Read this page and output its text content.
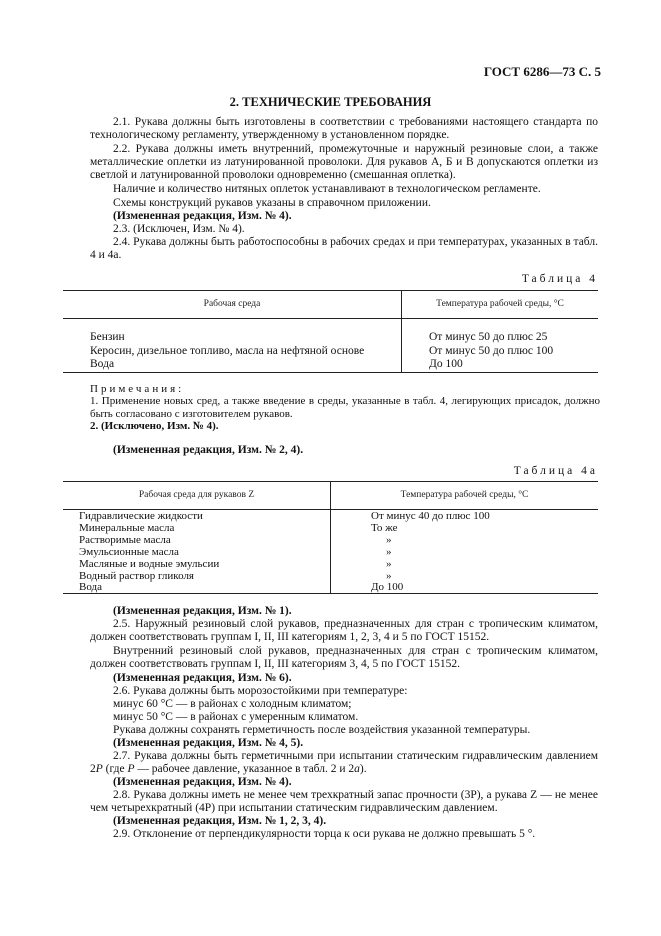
ГОСТ 6286—73 С. 5
2. ТЕХНИЧЕСКИЕ ТРЕБОВАНИЯ
2.1. Рукава должны быть изготовлены в соответствии с требованиями настоящего стандарта по технологическому регламенту, утвержденному в установленном порядке.
2.2. Рукава должны иметь внутренний, промежуточные и наружный резиновые слои, а также металлические оплетки из латунированной проволоки. Для рукавов А, Б и В допускаются оплетки из светлой и латунированной проволоки одновременно (смешанная оплетка).
Наличие и количество нитяных оплеток устанавливают в технологическом регламенте.
Схемы конструкций рукавов указаны в справочном приложении.
(Измененная редакция, Изм. № 4).
2.3. (Исключен, Изм. № 4).
2.4. Рукава должны быть работоспособны в рабочих средах и при температурах, указанных в табл. 4 и 4а.
Таблица 4
Рабочая среда	Температура рабочей среды, °С
Бензин	От минус 50 до плюс 25
Керосин, дизельное топливо, масла на нефтяной основе	От минус 50 до плюс 100
Вода	До 100
Примечания:
1. Применение новых сред, а также введение в среды, указанные в табл. 4, легирующих присадок, должно быть согласовано с изготовителем рукавов.
2. (Исключено, Изм. № 4).
(Измененная редакция, Изм. № 2, 4).
Таблица 4а
Рабочая среда для рукавов Z	Температура рабочей среды, °С
Гидравлические жидкости	От минус 40 до плюс 100
Минеральные масла	То же
Растворимые масла	»
Эмульсионные масла	»
Масляные и водные эмульсии	»
Водный раствор гликоля	»
Вода	До 100
(Измененная редакция, Изм. № 1).
2.5. Наружный резиновый слой рукавов, предназначенных для стран с тропическим климатом, должен соответствовать группам I, II, III категориям 1, 2, 3, 4 и 5 по ГОСТ 15152.
Внутренний резиновый слой рукавов, предназначенных для стран с тропическим климатом, должен соответствовать группам I, II, III категориям 3, 4, 5 по ГОСТ 15152.
(Измененная редакция, Изм. № 6).
2.6. Рукава должны быть морозостойкими при температуре:
минус 60 °С — в районах с холодным климатом;
минус 50 °С — в районах с умеренным климатом.
Рукава должны сохранять герметичность после воздействия указанной температуры.
(Измененная редакция, Изм. № 4, 5).
2.7. Рукава должны быть герметичными при испытании статическим гидравлическим давлением 2P (где P — рабочее давление, указанное в табл. 2 и 2а).
(Измененная редакция, Изм. № 4).
2.8. Рукава должны иметь не менее чем трехкратный запас прочности (3Р), а рукава Z — не менее чем четырехкратный (4Р) при испытании статическим гидравлическим давлением.
(Измененная редакция, Изм. № 1, 2, 3, 4).
2.9. Отклонение от перпендикулярности торца к оси рукава не должно превышать 5 °.
